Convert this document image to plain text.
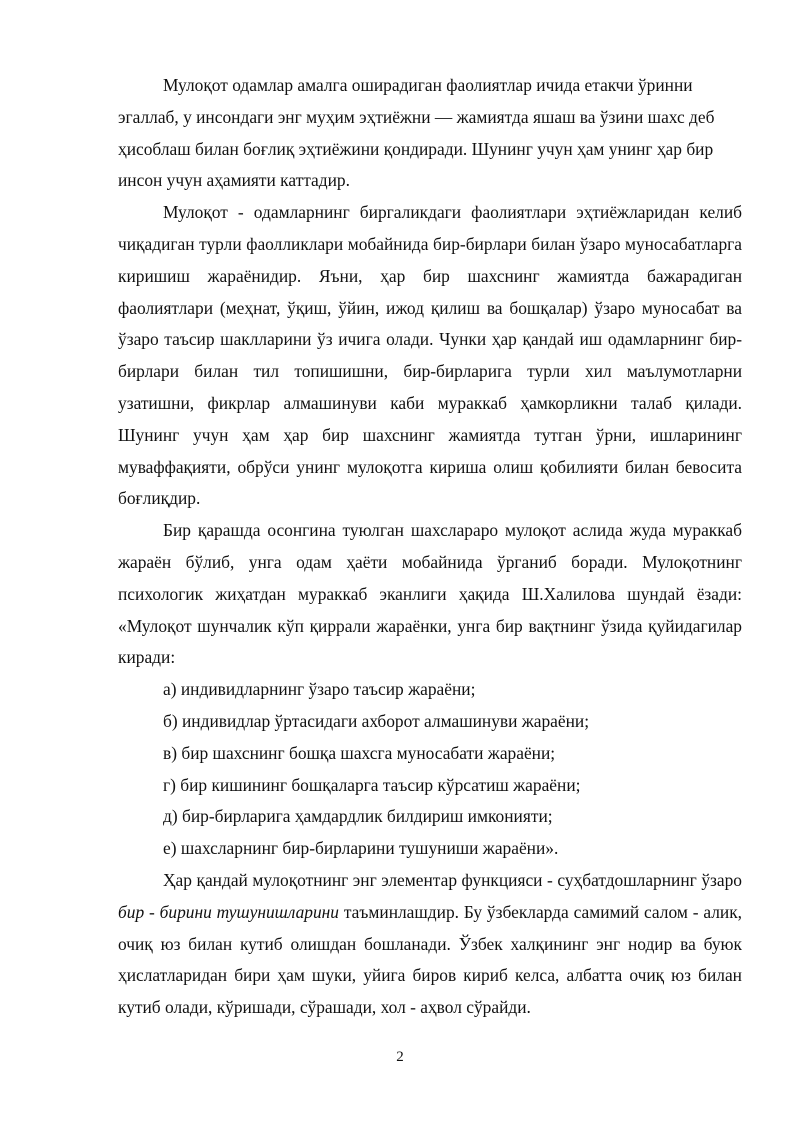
Мулоқот одамлар амалга оширадиган фаолиятлар ичида етакчи ўринни эгаллаб, у инсондаги энг муҳим эҳтиёжни — жамиятда яшаш ва ўзини шахс деб ҳисоблаш билан боғлиқ эҳтиёжини қондиради. Шунинг учун ҳам унинг ҳар бир инсон учун аҳамияти каттадир.

Мулоқот - одамларнинг биргаликдаги фаолиятлари эҳтиёжларидан келиб чиқадиган турли фаолликлари мобайнида бир-бирлари билан ўзаро муносабатларга киришиш жараёнидир. Яъни, ҳар бир шахснинг жамиятда бажарадиган фаолиятлари (меҳнат, ўқиш, ўйин, ижод қилиш ва бошқалар) ўзаро муносабат ва ўзаро таъсир шаклларини ўз ичига олади. Чунки ҳар қандай иш одамларнинг бир-бирлари билан тил топишишни, бир-бирларига турли хил маълумотларни узатишни, фикрлар алмашинуви каби мураккаб ҳамкорликни талаб қилади. Шунинг учун ҳам ҳар бир шахснинг жамиятда тутган ўрни, ишларининг муваффақияти, обрўси унинг мулоқотга кириша олиш қобилияти билан бевосита боғлиқдир.

Бир қарашда осонгина туюлган шахслараро мулоқот аслида жуда мураккаб жараён бўлиб, унга одам ҳаёти мобайнида ўрганиб боради. Мулоқотнинг психологик жиҳатдан мураккаб эканлиги ҳақида Ш.Халилова шундай ёзади: «Мулоқот шунчалик кўп қиррали жараёнки, унга бир вақтнинг ўзида қуйидагилар киради:

а) индивидларнинг ўзаро таъсир жараёни;

б) индивидлар ўртасидаги ахборот алмашинуви жараёни;

в) бир шахснинг бошқа шахсга муносабати жараёни;

г) бир кишининг бошқаларга таъсир кўрсатиш жараёни;

д) бир-бирларига ҳамдардлик билдириш имконияти;

е) шахсларнинг бир-бирларини тушуниши жараёни».

Ҳар қандай мулоқотнинг энг элементар функцияси - суҳбатдошларнинг ўзаро бир - бирини тушунишларини таъминлашдир. Бу ўзбекларда самимий салом - алик, очиқ юз билан кутиб олишдан бошланади. Ўзбек халқининг энг нодир ва буюк ҳислатларидан бири ҳам шуки, уйига биров кириб келса, албатта очиқ юз билан кутиб олади, кўришади, сўрашади, хол - аҳвол сўрайди.

2
